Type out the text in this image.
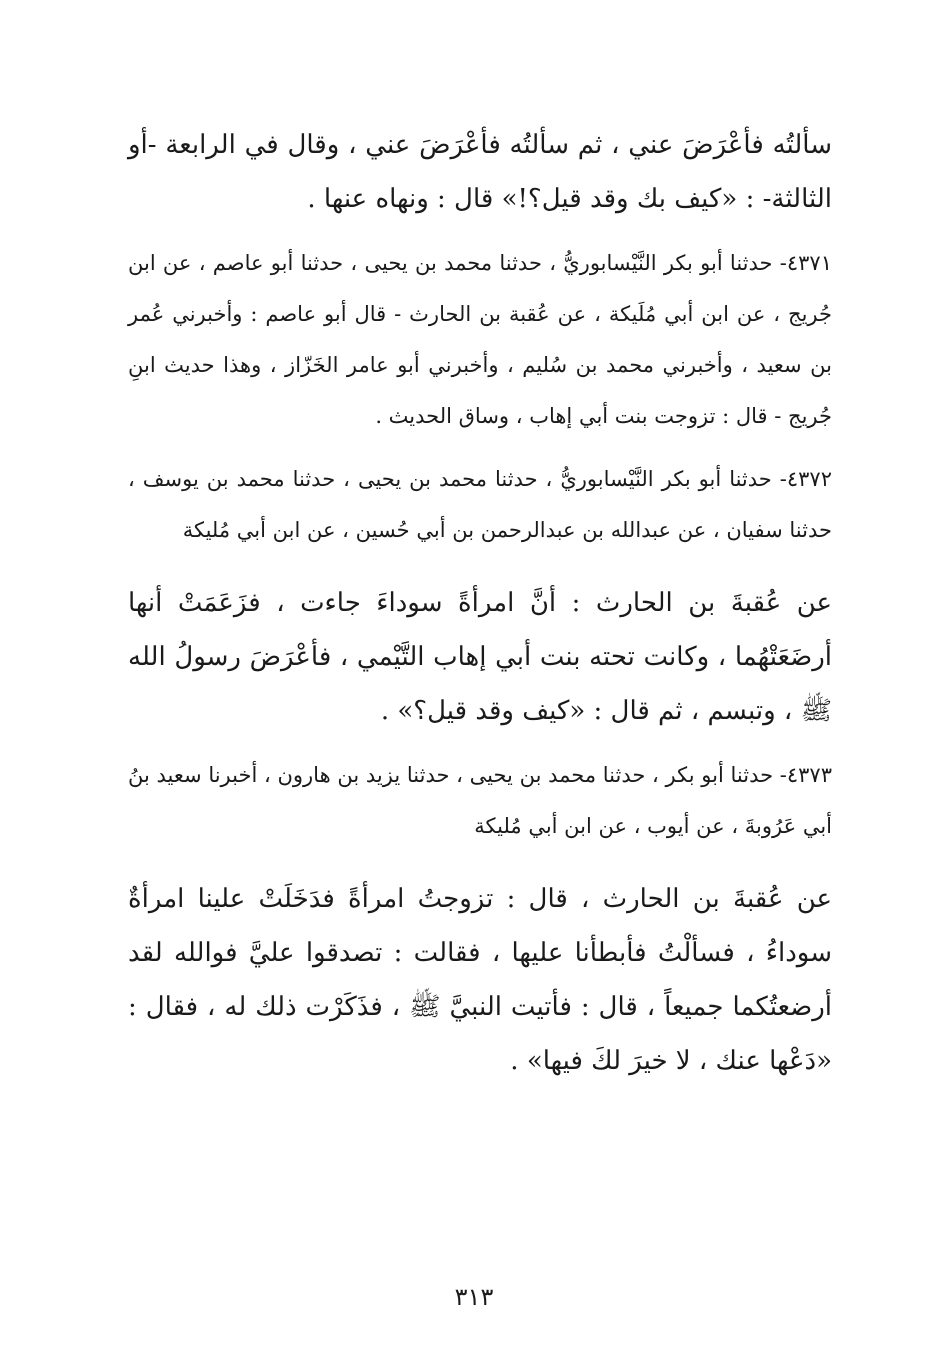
سألتُه فأعْرَضَ عني ، ثم سألتُه فأعْرَضَ عني ، وقال في الرابعة -أو الثالثة- : «كيف بك وقد قيل؟!» قال : ونهاه عنها .

٤٣٧١- حدثنا أبو بكر النَّيْسابوريُّ ، حدثنا محمد بن يحيى ، حدثنا أبو عاصم ، عن ابن جُريج ، عن ابن أبي مُلَيكة ، عن عُقبة بن الحارث - قال أبو عاصم : وأخبرني عُمر بن سعيد ، وأخبرني محمد بن سُليم ، وأخبرني أبو عامر الخَزّاز ، وهذا حديث ابنِ جُريج - قال : تزوجت بنت أبي إهاب ، وساق الحديث .

٤٣٧٢- حدثنا أبو بكر النَّيْسابوريُّ ، حدثنا محمد بن يحيى ، حدثنا محمد بن يوسف ، حدثنا سفيان ، عن عبدالله بن عبدالرحمن بن أبي حُسين ، عن ابن أبي مُليكة

عن عُقبةَ بن الحارث : أنَّ امرأةً سوداءَ جاءت ، فزَعَمَتْ أنها أرضَعَتْهُما ، وكانت تحته بنت أبي إهاب التَّيْمي ، فأعْرَضَ رسولُ الله ﷺ ، وتبسم ، ثم قال : «كيف وقد قيل؟» .

٤٣٧٣- حدثنا أبو بكر ، حدثنا محمد بن يحيى ، حدثنا يزيد بن هارون ، أخبرنا سعيد بنُ أبي عَرُوبةَ ، عن أيوب ، عن ابن أبي مُليكة

عن عُقبةَ بن الحارث ، قال : تزوجتُ امرأةً فدَخَلَتْ علينا امرأةٌ سوداءُ ، فسألْتُ فأبطأنا عليها ، فقالت : تصدقوا عليَّ فوالله لقد أرضعتُكما جميعاً ، قال : فأتيت النبيَّ ﷺ ، فذَكَرْت ذلك له ، فقال : «دَعْها عنك ، لا خيرَ لكَ فيها» .

٣١٣
